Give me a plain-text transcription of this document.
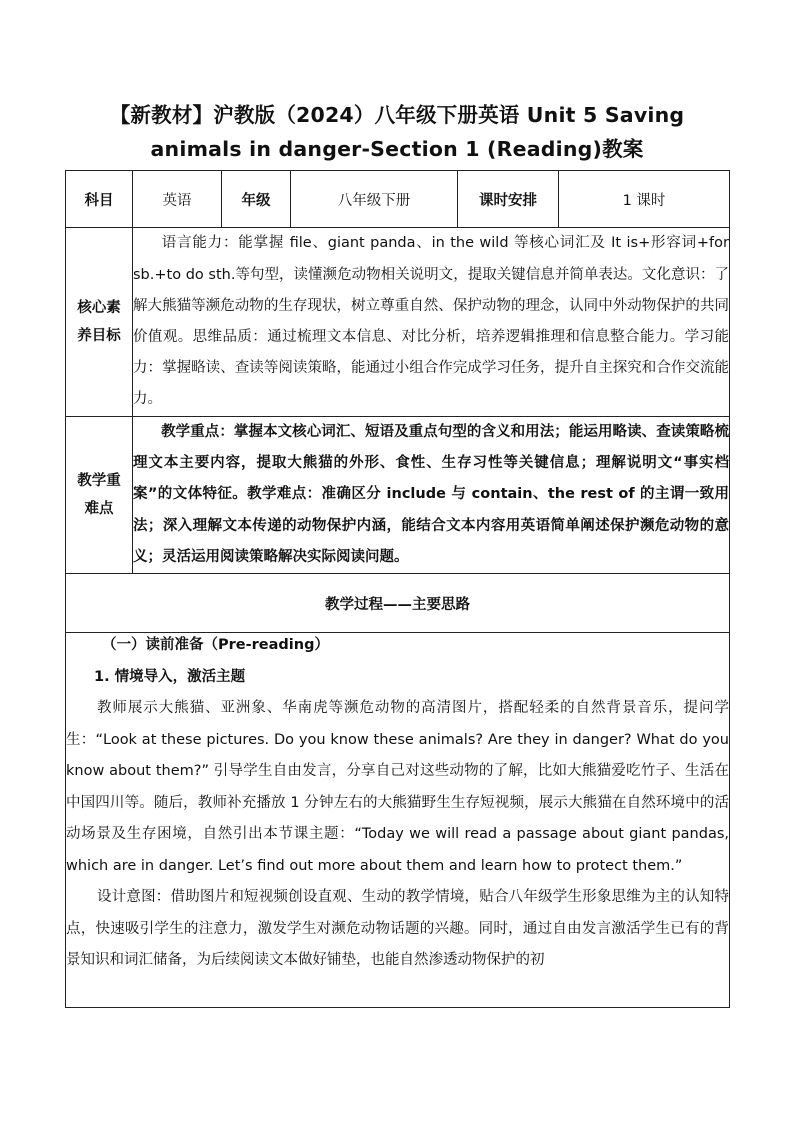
【新教材】沪教版（2024）八年级下册英语 Unit 5 Saving
animals in danger-Section 1 (Reading)教案
科目	英语	年级	八年级下册	课时安排	1 课时

核心素
养目标	语言能力：能掌握 file、giant panda、in the wild 等核心词汇及 It is+形容词+for sb.+to do sth.等句型，读懂濒危动物相关说明文，提取关键信息并简单表达。文化意识：了解大熊猫等濒危动物的生存现状，树立尊重自然、保护动物的理念，认同中外动物保护的共同价值观。思维品质：通过梳理文本信息、对比分析，培养逻辑推理和信息整合能力。学习能力：掌握略读、查读等阅读策略，能通过小组合作完成学习任务，提升自主探究和合作交流能力。				

教学重
难点	教学重点：掌握本文核心词汇、短语及重点句型的含义和用法；能运用略读、查读策略梳理文本主要内容，提取大熊猫的外形、食性、生存习性等关键信息；理解说明文“事实档案”的文体特征。教学难点：准确区分 include 与 contain、the rest of 的主谓一致用法；深入理解文本传递的动物保护内涵，能结合文本内容用英语简单阐述保护濒危动物的意义；灵活运用阅读策略解决实际阅读问题。				
教学过程——主要思路					

（一）读前准备（Pre-reading）

1. 情境导入，激活主题

教师展示大熊猫、亚洲象、华南虎等濒危动物的高清图片，搭配轻柔的自然背景音乐，提问学生：“Look at these pictures. Do you know these animals? Are they in danger? What do you know about them?” 引导学生自由发言，分享自己对这些动物的了解，比如大熊猫爱吃竹子、生活在中国四川等。随后，教师补充播放 1 分钟左右的大熊猫野生生存短视频，展示大熊猫在自然环境中的活动场景及生存困境，自然引出本节课主题：“Today we will read a passage about giant pandas, which are in danger. Let’s find out more about them and learn how to protect them.”

设计意图：借助图片和短视频创设直观、生动的教学情境，贴合八年级学生形象思维为主的认知特点，快速吸引学生的注意力，激发学生对濒危动物话题的兴趣。同时，通过自由发言激活学生已有的背景知识和词汇储备，为后续阅读文本做好铺垫，也能自然渗透动物保护的初					
